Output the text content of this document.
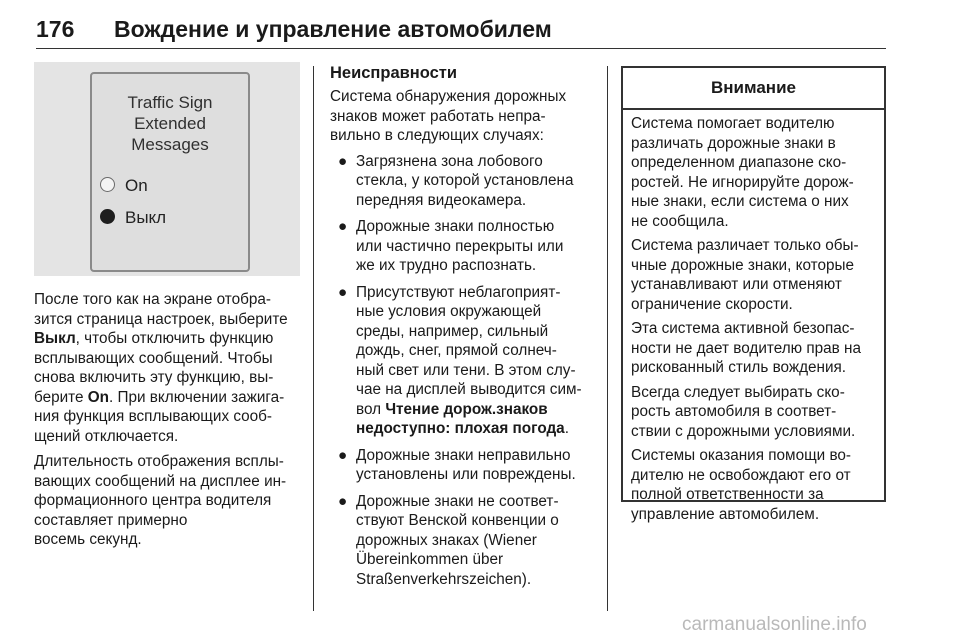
176 Вождение и управление автомобилем
Traffic Sign
Extended
Messages
On
Выкл

После того как на экране отобра-
зится страница настроек, выберите
Выкл, чтобы отключить функцию
всплывающих сообщений. Чтобы
снова включить эту функцию, вы-
берите On. При включении зажига-
ния функция всплывающих сооб-
щений отключается.

Длительность отображения всплы-
вающих сообщений на дисплее ин-
формационного центра водителя
составляет примерно
восемь секунд.

Неисправности

Система обнаружения дорожных
знаков может работать непра-
вильно в следующих случаях:

● Загрязнена зона лобового
стекла, у которой установлена
передняя видеокамера.
● Дорожные знаки полностью
или частично перекрыты или
же их трудно распознать.
● Присутствуют неблагоприят-
ные условия окружающей
среды, например, сильный
дождь, снег, прямой солнеч-
ный свет или тени. В этом слу-
чае на дисплей выводится сим-
вол Чтение дорож.знаков
недоступно: плохая погода.
● Дорожные знаки неправильно
установлены или повреждены.
● Дорожные знаки не соответ-
ствуют Венской конвенции о
дорожных знаках (Wiener
Übereinkommen über
Straßenverkehrszeichen).
Внимание

Система помогает водителю
различать дорожные знаки в
определенном диапазоне ско-
ростей. Не игнорируйте дорож-
ные знаки, если система о них
не сообщила.

Система различает только обы-
чные дорожные знаки, которые
устанавливают или отменяют
ограничение скорости.

Эта система активной безопас-
ности не дает водителю прав на
рискованный стиль вождения.

Всегда следует выбирать ско-
рость автомобиля в соответ-
ствии с дорожными условиями.

Системы оказания помощи во-
дителю не освобождают его от
полной ответственности за
управление автомобилем.

carmanualsonline.info
